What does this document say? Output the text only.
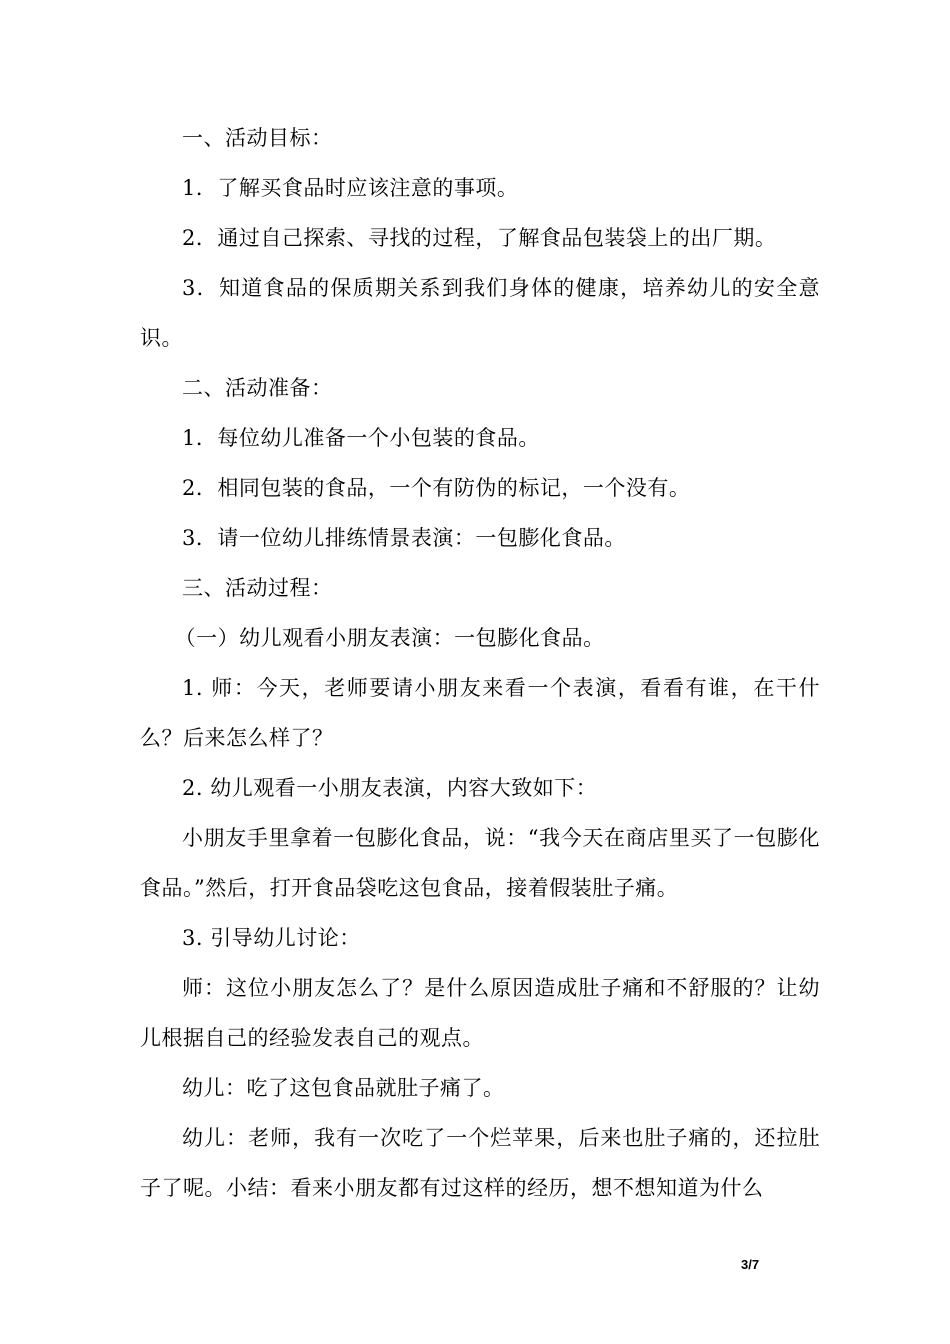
一、活动目标：

1．了解买食品时应该注意的事项。

2．通过自己探索、寻找的过程，了解食品包装袋上的出厂期。

3．知道食品的保质期关系到我们身体的健康，培养幼儿的安全意识。

二、活动准备：

1．每位幼儿准备一个小包装的食品。

2．相同包装的食品，一个有防伪的标记，一个没有。

3．请一位幼儿排练情景表演：一包膨化食品。

三、活动过程：

（一）幼儿观看小朋友表演：一包膨化食品。

1. 师：今天，老师要请小朋友来看一个表演，看看有谁，在干什么？后来怎么样了？

2. 幼儿观看一小朋友表演，内容大致如下：

小朋友手里拿着一包膨化食品，说：“我今天在商店里买了一包膨化食品。”然后，打开食品袋吃这包食品，接着假装肚子痛。

3. 引导幼儿讨论：

师：这位小朋友怎么了？是什么原因造成肚子痛和不舒服的？让幼儿根据自己的经验发表自己的观点。

幼儿：吃了这包食品就肚子痛了。

幼儿：老师，我有一次吃了一个烂苹果，后来也肚子痛的，还拉肚子了呢。小结：看来小朋友都有过这样的经历，想不想知道为什么

3/7
